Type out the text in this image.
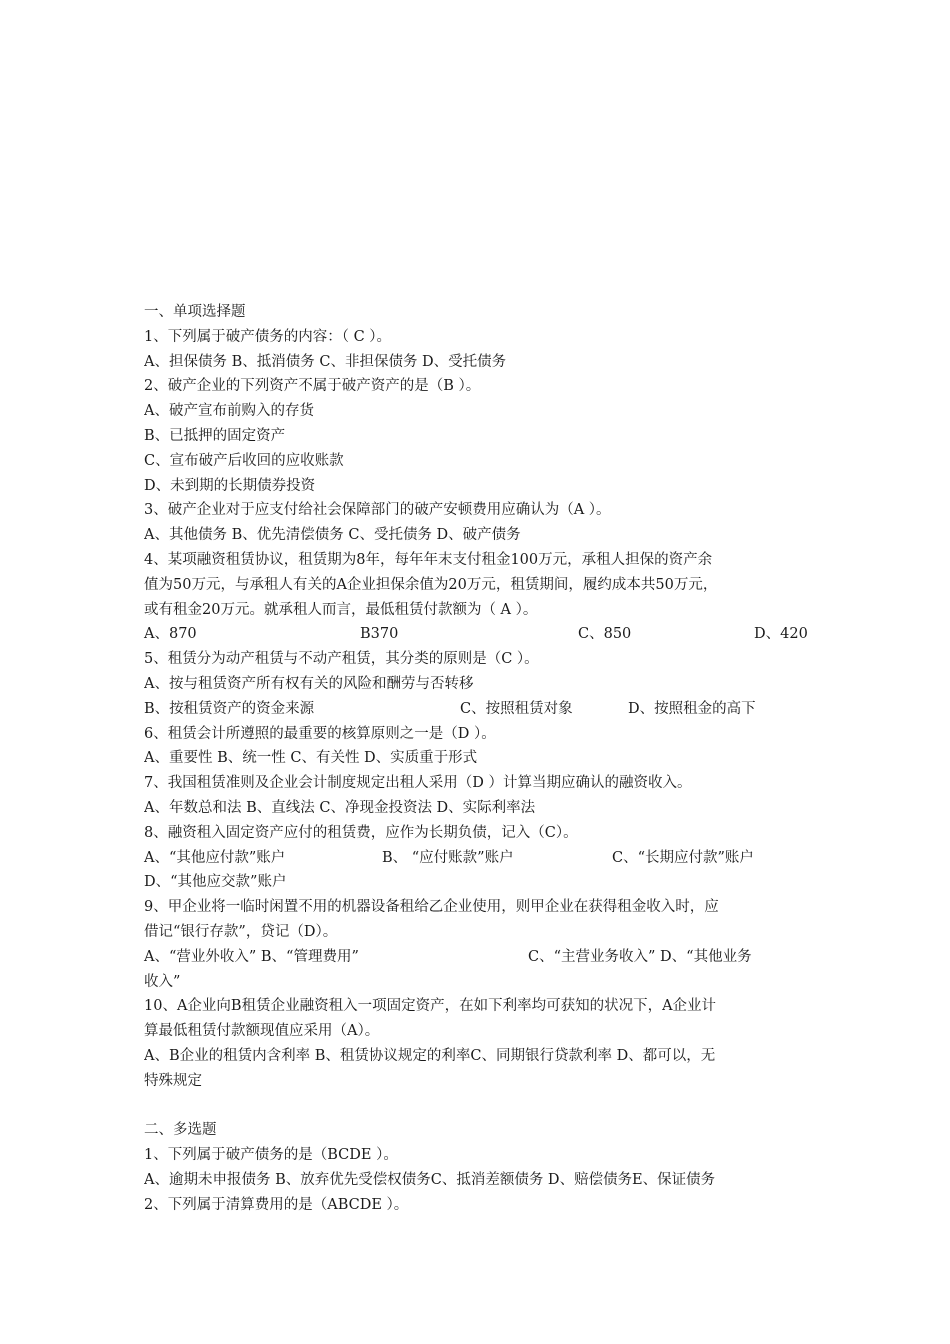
一、单项选择题
1、下列属于破产债务的内容：（ C ）。
A、担保债务 B、抵消债务 C、非担保债务 D、受托债务
2、破产企业的下列资产不属于破产资产的是（B ）。
A、破产宣布前购入的存货
B、已抵押的固定资产
C、宣布破产后收回的应收账款
D、未到期的长期债券投资
3、破产企业对于应支付给社会保障部门的破产安顿费用应确认为（A ）。
A、其他债务 B、优先清偿债务 C、受托债务 D、破产债务
4、某项融资租赁协议，租赁期为8年，每年年末支付租金100万元，承租人担保的资产余
值为50万元，与承租人有关的A企业担保余值为20万元，租赁期间，履约成本共50万元，
或有租金20万元。就承租人而言，最低租赁付款额为（ A ）。
A、870	B370	C、850	D、420
5、租赁分为动产租赁与不动产租赁，其分类的原则是（C ）。
A、按与租赁资产所有权有关的风险和酬劳与否转移
B、按租赁资产的资金来源	C、按照租赁对象	D、按照租金的高下
6、租赁会计所遵照的最重要的核算原则之一是（D ）。
A、重要性 B、统一性 C、有关性 D、实质重于形式
7、我国租赁准则及企业会计制度规定出租人采用（D ）计算当期应确认的融资收入。
A、年数总和法 B、直线法 C、净现金投资法 D、实际利率法
8、融资租入固定资产应付的租赁费，应作为长期负债，记入（C）。
A、“其他应付款”账户	B、 “应付账款”账户	C、“长期应付款”账户
D、“其他应交款”账户
9、甲企业将一临时闲置不用的机器设备租给乙企业使用，则甲企业在获得租金收入时，应
借记“银行存款”，贷记（D）。
A、“营业外收入” B、“管理费用”	C、“主营业务收入” D、“其他业务
收入”
10、A企业向B租赁企业融资租入一项固定资产，在如下利率均可获知的状况下，A企业计
算最低租赁付款额现值应采用（A）。
A、B企业的租赁内含利率 B、租赁协议规定的利率C、同期银行贷款利率 D、都可以，无
特殊规定
二、多选题
1、下列属于破产债务的是（BCDE ）。
A、逾期未申报债务 B、放弃优先受偿权债务C、抵消差额债务 D、赔偿债务E、保证债务
2、下列属于清算费用的是（ABCDE ）。
